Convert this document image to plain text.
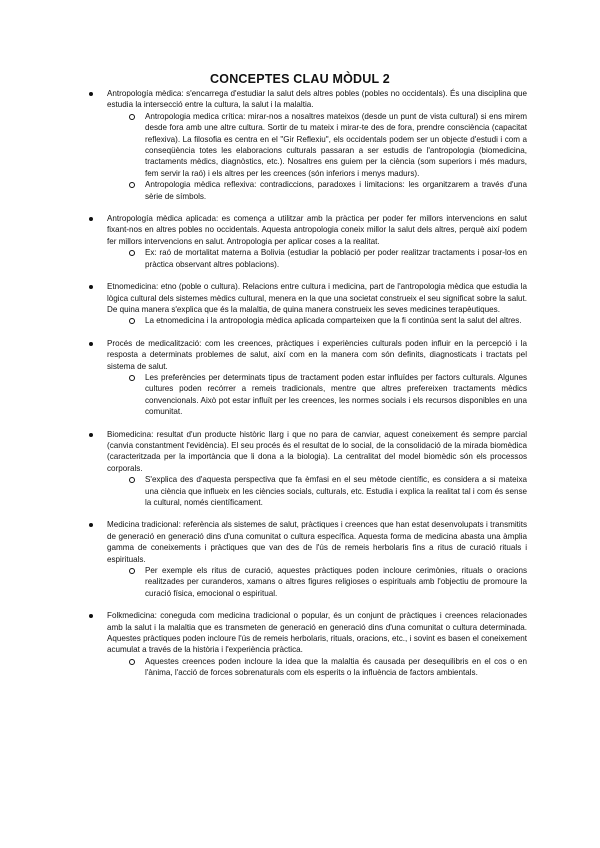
CONCEPTES CLAU MÒDUL 2

Antropología mèdica: s'encarrega d'estudiar la salut dels altres pobles (pobles no occidentals). És una disciplina que estudia la intersecció entre la cultura, la salut i la malaltia.

Antropologia medica crítica: mirar-nos a nosaltres mateixos (desde un punt de vista cultural) si ens mirem desde fora amb une altre cultura. Sortir de tu mateix i mirar-te des de fora, prendre consciència (capacitat reflexiva). La filosofia es centra en el "Gir Reflexiu", els occidentals podem ser un objecte d'estudi i com a conseqüència totes les elaboracions culturals passaran a ser estudis de l'antropologia (biomedicina, tractaments mèdics, diagnòstics, etc.). Nosaltres ens guiem per la ciència (som superiors i més madurs, fem servir la raó) i els altres per les creences (són inferiors i menys madurs).

Antropologia mèdica reflexiva: contradiccions, paradoxes i limitacions: les organitzarem a través d'una sèrie de símbols.

Antropología mèdica aplicada: es comença a utilitzar amb la pràctica per poder fer millors intervencions en salut fixant-nos en altres pobles no occidentals. Aquesta antropologia coneix millor la salut dels altres, perquè així podem fer millors intervencions en salut. Antropologia per aplicar coses a la realitat.

Ex: raó de mortalitat materna a Bolivia (estudiar la població per poder realitzar tractaments i posar-los en pràctica observant altres poblacions).

Etnomedicina: etno (poble o cultura). Relacions entre cultura i medicina, part de l'antropologia mèdica que estudia la lògica cultural dels sistemes mèdics cultural, menera en la que una societat construeix el seu significat sobre la salut. De quina manera s'explica que és la malaltia, de quina manera construeix les seves medicines terapèutiques.

La etnomedicina i la antropologia mèdica aplicada comparteixen que la fi continúa sent la salut del altres.

Procés de medicalització: com les creences, pràctiques i experiències culturals poden influir en la percepció i la resposta a determinats problemes de salut, així com en la manera com són definits, diagnosticats i tractats pel sistema de salut.

Les preferències per determinats tipus de tractament poden estar influïdes per factors culturals. Algunes cultures poden recórrer a remeis tradicionals, mentre que altres prefereixen tractaments mèdics convencionals. Això pot estar influït per les creences, les normes socials i els recursos disponibles en una comunitat.

Biomedicina: resultat d'un producte històric llarg i que no para de canviar, aquest coneixement és sempre parcial (canvia constantment l'evidència). El seu procés és el resultat de lo social, de la consolidació de la mirada biomèdica (caracteritzada per la importància que li dona a la biologia). La centralitat del model biomèdic són els processos corporals.

S'explica des d'aquesta perspectiva que fa èmfasi en el seu mètode científic, es considera a si mateixa una ciència que influeix en les ciències socials, culturals, etc. Estudia i explica la realitat tal i com és sense la cultural, només científicament.

Medicina tradicional: referència als sistemes de salut, pràctiques i creences que han estat desenvolupats i transmitits de generació en generació dins d'una comunitat o cultura específica. Aquesta forma de medicina abasta una àmplia gamma de coneixements i pràctiques que van des de l'ús de remeis herbolaris fins a ritus de curació rituals i espirituals.

Per exemple els ritus de curació, aquestes pràctiques poden incloure cerimònies, rituals o oracions realitzades per curanderos, xamans o altres figures religioses o espirituals amb l'objectiu de promoure la curació física, emocional o espiritual.

Folkmedicina: coneguda com medicina tradicional o popular, és un conjunt de pràctiques i creences relacionades amb la salut i la malaltia que es transmeten de generació en generació dins d'una comunitat o cultura determinada. Aquestes pràctiques poden incloure l'ús de remeis herbolaris, rituals, oracions, etc., i sovint es basen el coneixement acumulat a través de la història i l'experiència pràctica.

Aquestes creences poden incloure la idea que la malaltia és causada per desequilibris en el cos o en l'ànima, l'acció de forces sobrenaturals com els esperits o la influència de factors ambientals.
